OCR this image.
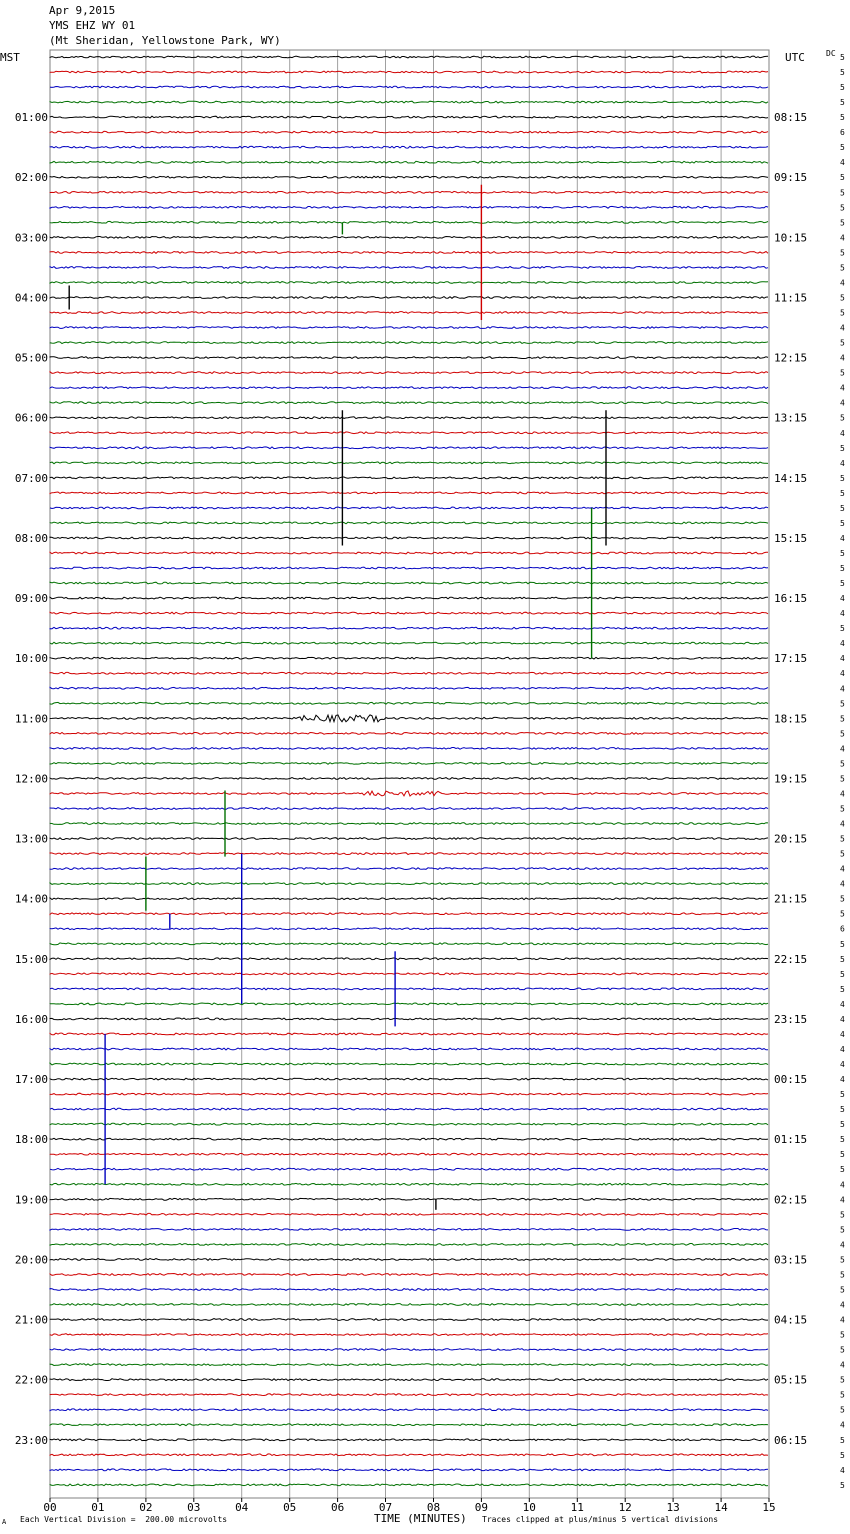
01:00
02:00
03:00
04:00
05:00
06:00
07:00
08:00
09:00
10:00
11:00
12:00
13:00
14:00
15:00
16:00
17:00
18:00
19:00
20:00
21:00
22:00
23:00
08:15
09:15
10:15
11:15
12:15
13:15
14:15
15:15
16:15
17:15
18:15
19:15
20:15
21:15
22:15
23:15
00:15
01:15
02:15
03:15
04:15
05:15
06:15
5
5
5
5
5
6
5
4
5
5
5
5
4
5
5
4
5
5
4
5
4
5
4
4
5
4
5
4
5
5
5
5
4
5
5
5
4
4
5
4
4
4
4
5
5
5
4
5
5
4
5
4
5
5
4
4
5
5
6
5
5
5
5
4
4
4
4
4
4
5
5
5
5
5
5
4
4
5
5
4
5
5
5
4
4
5
5
4
5
5
5
4
5
5
4
5
00	01	02	03	04	05	06	07	08	09	10	11	12	13	14	15
Apr 9,2015
YMS EHZ WY 01
(Mt Sheridan, Yellowstone Park, WY)
MST	UTC	DC
A Each Vertical Division =  200.00 microvolts	TIME (MINUTES) Traces clipped at plus/minus 5 vertical divisions
